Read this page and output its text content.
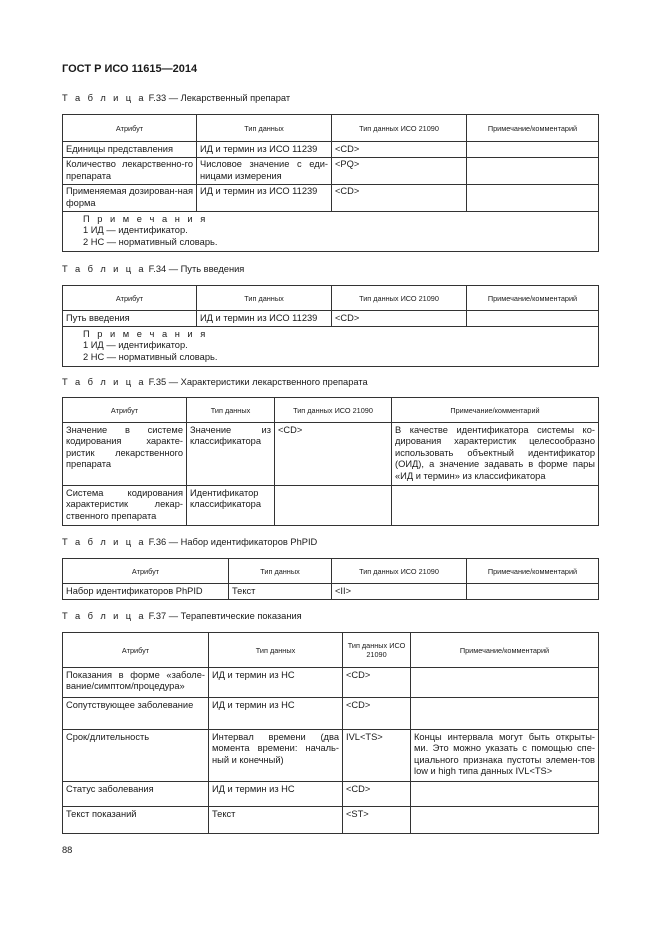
ГОСТ Р ИСО 11615—2014
Т а б л и ц а F.33 — Лекарственный препарат
Атрибут	Тип данных	Тип данных ИСО 21090	Примечание/комментарий
Единицы представления	ИД и термин из ИСО 11239	<CD>	
Количество лекарственно-го препарата	Числовое значение с еди-ницами измерения	<PQ>	
Применяемая дозирован-ная форма	ИД и термин из ИСО 11239	<CD>	

П р и м е ч а н и я
1 ИД — идентификатор.
2 НС — нормативный словарь.			
Т а б л и ц а F.34 — Путь введения
Атрибут	Тип данных	Тип данных ИСО 21090	Примечание/комментарий
Путь введения	ИД и термин из ИСО 11239	<CD>	

П р и м е ч а н и я
1 ИД — идентификатор.
2 НС — нормативный словарь.			
Т а б л и ц а F.35 — Характеристики лекарственного препарата
Атрибут	Тип данных	Тип данных ИСО 21090	Примечание/комментарий
Значение в системе кодирования характе-ристик лекарственного препарата	Значение из классификатора	<CD>	В качестве идентификатора системы ко-дирования характеристик целесообразно использовать объектный идентификатор (ОИД), а значение задавать в форме пары «ИД и термин» из классификатора
Система кодирования характеристик лекар-ственного препарата	Идентификатор классификатора		
Т а б л и ц а F.36 — Набор идентификаторов PhPID
Атрибут	Тип данных	Тип данных ИСО 21090	Примечание/комментарий
Набор идентификаторов PhPID	Текст	<II>	
Т а б л и ц а F.37 — Терапевтические показания
Атрибут	Тип данных	Тип данных ИСО 21090	Примечание/комментарий
Показания в форме «заболе-вание/симптом/процедура»	ИД и термин из НС	<CD>	
Сопутствующее заболевание	ИД и термин из НС	<CD>	
Срок/длительность	Интервал времени (два момента времени: началь-ный и конечный)	IVL<TS>	Концы интервала могут быть открыты-ми. Это можно указать с помощью спе-циального признака пустоты элемен-тов low и high типа данных IVL<TS>
Статус заболевания	ИД и термин из НС	<CD>	
Текст показаний	Текст	<ST>	
88
